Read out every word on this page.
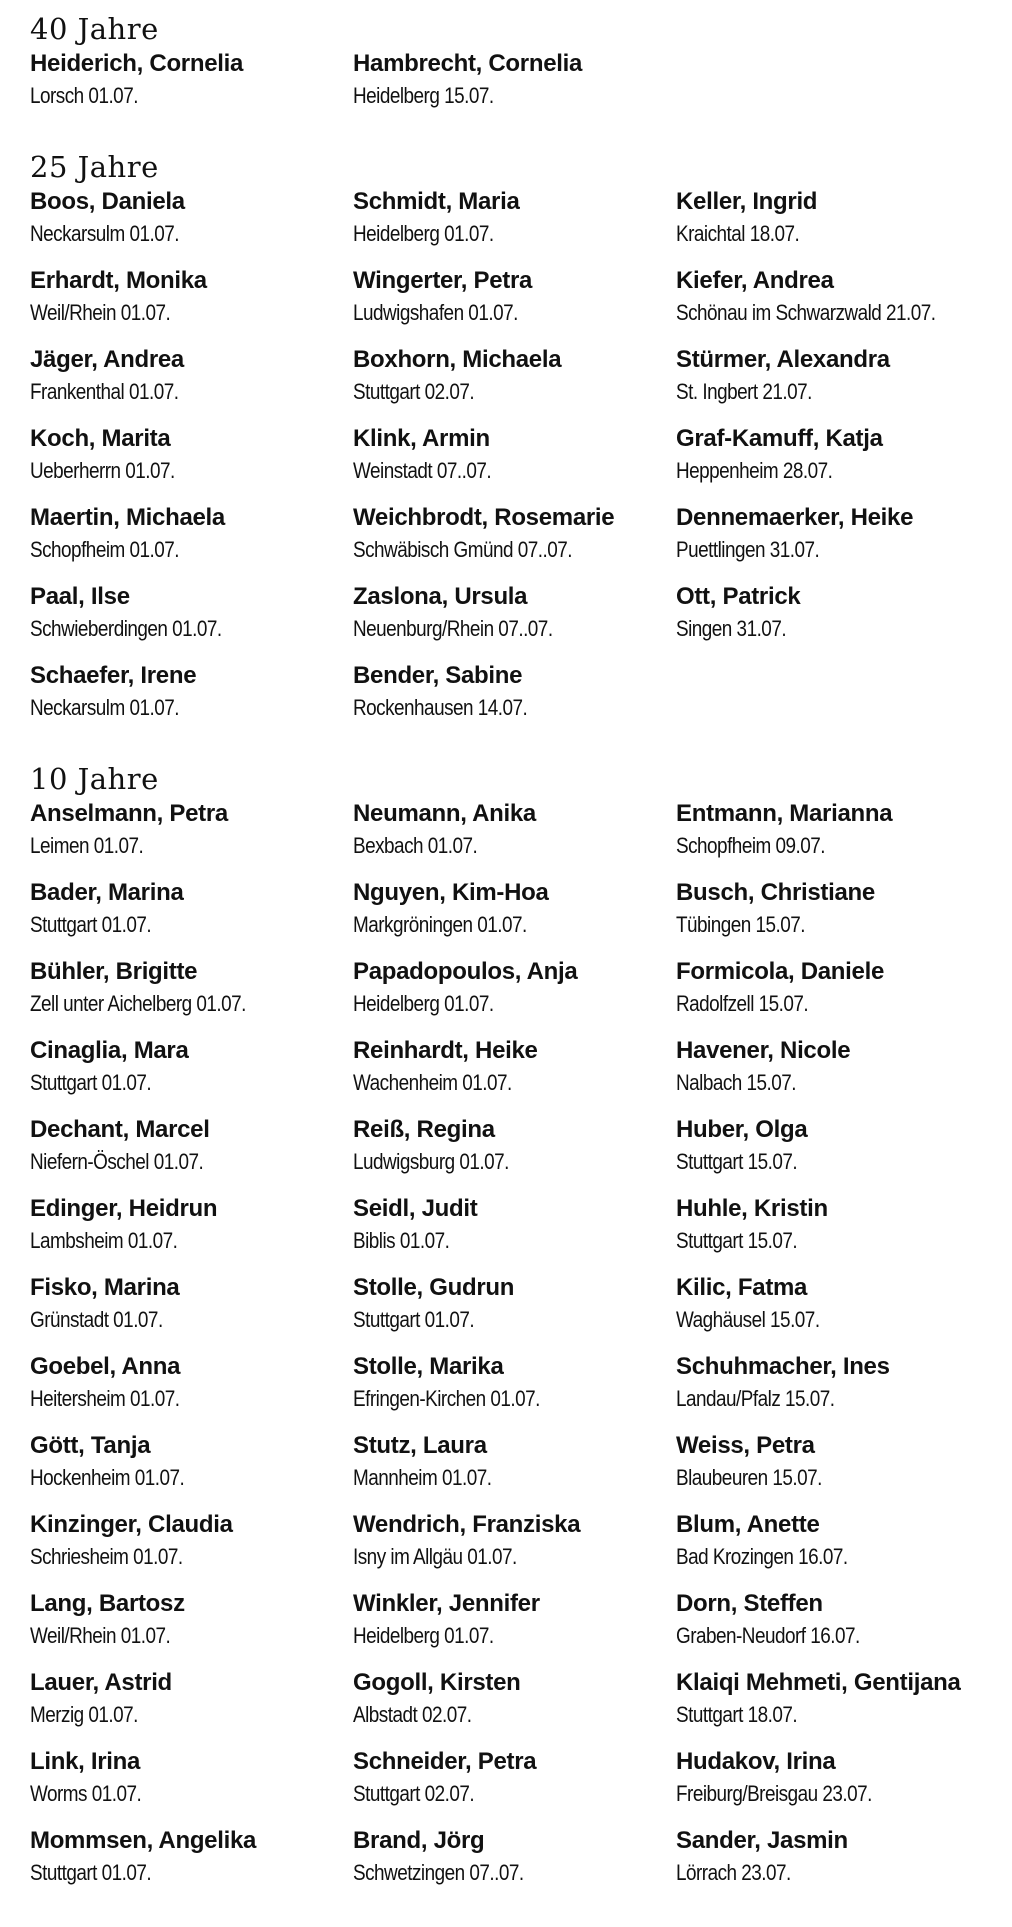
40 Jahre
Heiderich, Cornelia
Lorsch 01.07.
Hambrecht, Cornelia
Heidelberg 15.07.
25 Jahre
Boos, Daniela
Neckarsulm 01.07.
Schmidt, Maria
Heidelberg 01.07.
Keller, Ingrid
Kraichtal 18.07.
Erhardt, Monika
Weil/Rhein 01.07.
Wingerter, Petra
Ludwigshafen 01.07.
Kiefer, Andrea
Schönau im Schwarzwald 21.07.
Jäger, Andrea
Frankenthal 01.07.
Boxhorn, Michaela
Stuttgart 02.07.
Stürmer, Alexandra
St. Ingbert 21.07.
Koch, Marita
Ueberherrn 01.07.
Klink, Armin
Weinstadt 07..07.
Graf-Kamuff, Katja
Heppenheim 28.07.
Maertin, Michaela
Schopfheim 01.07.
Weichbrodt, Rosemarie
Schwäbisch Gmünd 07..07.
Dennemaerker, Heike
Puettlingen 31.07.
Paal, Ilse
Schwieberdingen 01.07.
Zaslona, Ursula
Neuenburg/Rhein 07..07.
Ott, Patrick
Singen 31.07.
Schaefer, Irene
Neckarsulm 01.07.
Bender, Sabine
Rockenhausen 14.07.
10 Jahre
Anselmann, Petra
Leimen 01.07.
Neumann, Anika
Bexbach 01.07.
Entmann, Marianna
Schopfheim 09.07.
Bader, Marina
Stuttgart 01.07.
Nguyen, Kim-Hoa
Markgröningen 01.07.
Busch, Christiane
Tübingen 15.07.
Bühler, Brigitte
Zell unter Aichelberg 01.07.
Papadopoulos, Anja
Heidelberg 01.07.
Formicola, Daniele
Radolfzell 15.07.
Cinaglia, Mara
Stuttgart 01.07.
Reinhardt, Heike
Wachenheim 01.07.
Havener, Nicole
Nalbach 15.07.
Dechant, Marcel
Niefern-Öschel 01.07.
Reiß, Regina
Ludwigsburg 01.07.
Huber, Olga
Stuttgart 15.07.
Edinger, Heidrun
Lambsheim 01.07.
Seidl, Judit
Biblis 01.07.
Huhle, Kristin
Stuttgart 15.07.
Fisko, Marina
Grünstadt 01.07.
Stolle, Gudrun
Stuttgart 01.07.
Kilic, Fatma
Waghäusel 15.07.
Goebel, Anna
Heitersheim 01.07.
Stolle, Marika
Efringen-Kirchen 01.07.
Schuhmacher, Ines
Landau/Pfalz 15.07.
Gött, Tanja
Hockenheim 01.07.
Stutz, Laura
Mannheim 01.07.
Weiss, Petra
Blaubeuren 15.07.
Kinzinger, Claudia
Schriesheim 01.07.
Wendrich, Franziska
Isny im Allgäu 01.07.
Blum, Anette
Bad Krozingen 16.07.
Lang, Bartosz
Weil/Rhein 01.07.
Winkler, Jennifer
Heidelberg 01.07.
Dorn, Steffen
Graben-Neudorf 16.07.
Lauer, Astrid
Merzig 01.07.
Gogoll, Kirsten
Albstadt 02.07.
Klaiqi Mehmeti, Gentijana
Stuttgart 18.07.
Link, Irina
Worms 01.07.
Schneider, Petra
Stuttgart 02.07.
Hudakov, Irina
Freiburg/Breisgau 23.07.
Mommsen, Angelika
Stuttgart 01.07.
Brand, Jörg
Schwetzingen 07..07.
Sander, Jasmin
Lörrach 23.07.
